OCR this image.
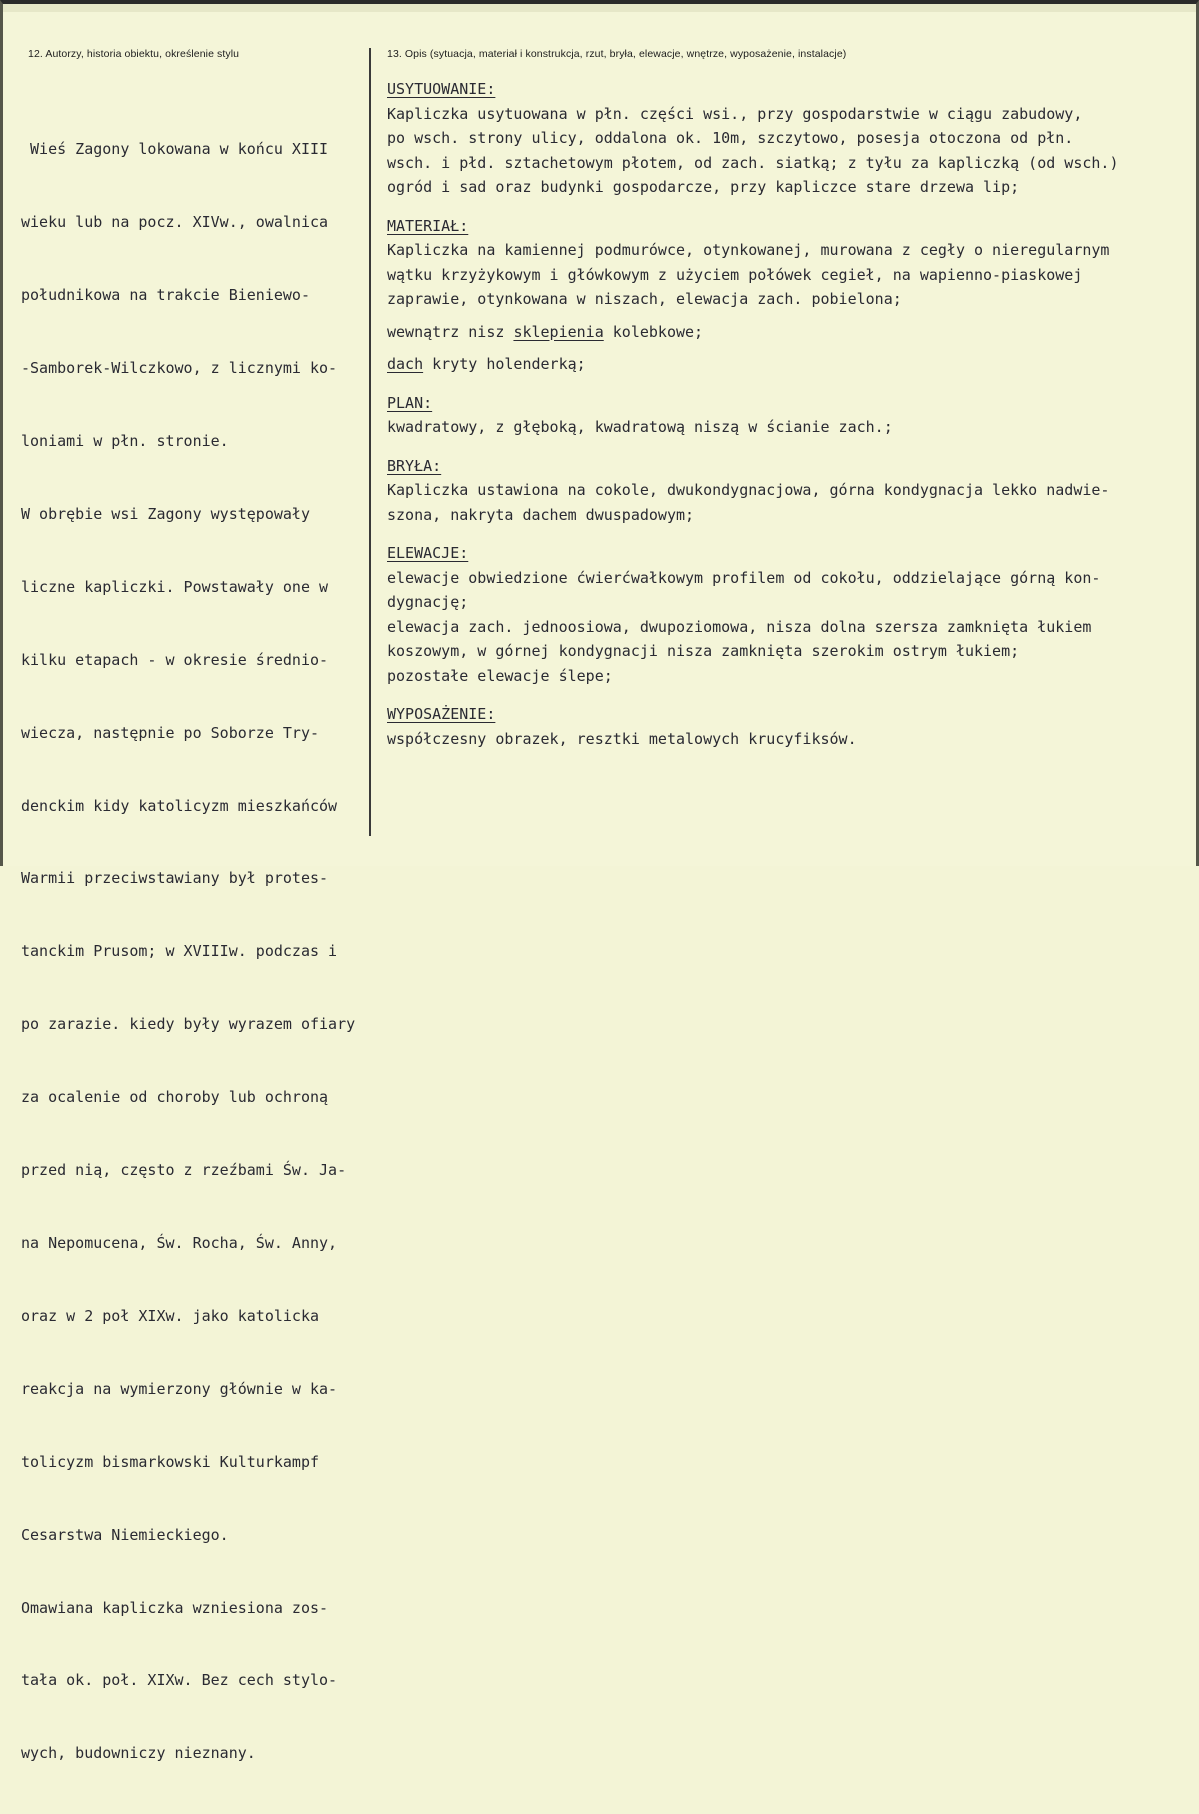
12. Autorzy, historia obiektu, określenie stylu	13. Opis (sytuacja, materiał i konstrukcja, rzut, bryła, elewacje, wnętrze, wyposażenie, instalacje)

Wieś Zagony lokowana w końcu XIII

wieku lub na pocz. XIVw., owalnica

południkowa na trakcie Bieniewo-

-Samborek-Wilczkowo, z licznymi ko-

loniami w płn. stronie.

W obrębie wsi Zagony występowały

liczne kapliczki. Powstawały one w

kilku etapach - w okresie średnio-

wiecza, następnie po Soborze Try-

denckim kidy katolicyzm mieszkańców

Warmii przeciwstawiany był protes-

tanckim Prusom; w XVIIIw. podczas i

po zarazie. kiedy były wyrazem ofiary

za ocalenie od choroby lub ochroną

przed nią, często z rzeźbami Św. Ja-

na Nepomucena, Św. Rocha, Św. Anny,

oraz w 2 poł XIXw. jako katolicka

reakcja na wymierzony głównie w ka-

tolicyzm bismarkowski Kulturkampf

Cesarstwa Niemieckiego.

Omawiana kapliczka wzniesiona zos-

tała ok. poł. XIXw. Bez cech stylo-

wych, budowniczy nieznany.

USYTUOWANIE:
Kapliczka usytuowana w płn. części wsi., przy gospodarstwie w ciągu zabudowy,
po wsch. strony ulicy, oddalona ok. 10m, szczytowo, posesja otoczona od płn.
wsch. i płd. sztachetowym płotem, od zach. siatką; z tyłu za kapliczką (od wsch.)
ogród i sad oraz budynki gospodarcze, przy kapliczce stare drzewa lip;
MATERIAŁ:
Kapliczka na kamiennej podmurówce, otynkowanej, murowana z cegły o nieregularnym
wątku krzyżykowym i główkowym z użyciem połówek cegieł, na wapienno-piaskowej
zaprawie, otynkowana w niszach, elewacja zach. pobielona;
wewnątrz nisz sklepienia kolebkowe;
dach kryty holenderką;
PLAN:
kwadratowy, z głęboką, kwadratową niszą w ścianie zach.;
BRYŁA:
Kapliczka ustawiona na cokole, dwukondygnacjowa, górna kondygnacja lekko nadwie-
szona, nakryta dachem dwuspadowym;
ELEWACJE:
elewacje obwiedzione ćwierćwałkowym profilem od cokołu, oddzielające górną kon-
dygnację;
elewacja zach. jednoosiowa, dwupoziomowa, nisza dolna szersza zamknięta łukiem
koszowym, w górnej kondygnacji nisza zamknięta szerokim ostrym łukiem;
pozostałe elewacje ślepe;
WYPOSAŻENIE:
współczesny obrazek, resztki metalowych krucyfiksów.
